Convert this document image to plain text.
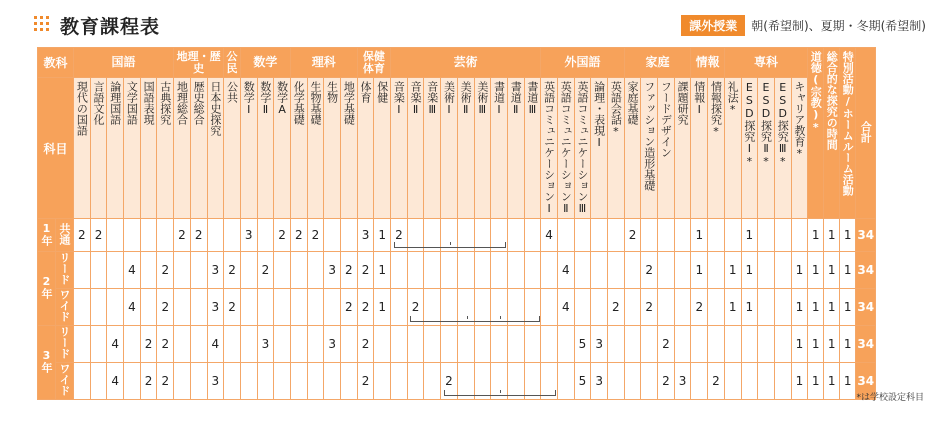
教育課程表	課外授業	朝(希望制)、夏期・冬期(希望制)
教科		国語						地理・歴史			公民	数学			理科				保健体育		芸術									外国語					家庭				情報		専科					道徳(宗教)*	総合的な探究の時間	特別活動/ホームルーム活動	合計
科目		現代の国語	言語文化	論理国語	文学国語	国語表現	古典探究	地理総合	歴史総合	日本史探究	公共	数学Ⅰ	数学Ⅱ	数学A	化学基礎	生物基礎	生物	地学基礎	体育	保健	音楽Ⅰ	音楽Ⅱ	音楽Ⅲ	美術Ⅰ	美術Ⅱ	美術Ⅲ	書道Ⅰ	書道Ⅱ	書道Ⅲ	英語コミュニケーションⅠ	英語コミュニケーションⅡ	英語コミュニケーションⅢ	論理・表現Ⅰ	英語会話*	家庭基礎	ファッション造形基礎	フードデザイン	課題研究	情報Ⅰ	情報探究*	礼法*	ESD探究Ⅰ*	ESD探究Ⅱ*	ESD探究Ⅲ*	キャリア教育*				
1年	共通	2	2					2	2			3		2	2	2			3	1	2									4					2				1			1				1	1	1	34
2年	リード				4		2			3	2		2				3	2	2	1											4					2			1		1	1			1	1	1	1	34
	ワイド				4		2			3	2							2	2	1		2									4			2		2			2		1	1			1	1	1	1	34
3年	リード			4		2	2			4			3				3		2													5	3				2								1	1	1	1	34
	ワイド			4		2	2			3									2					2								5	3				2	3		2					1	1	1	1	34
*は学校設定科目
